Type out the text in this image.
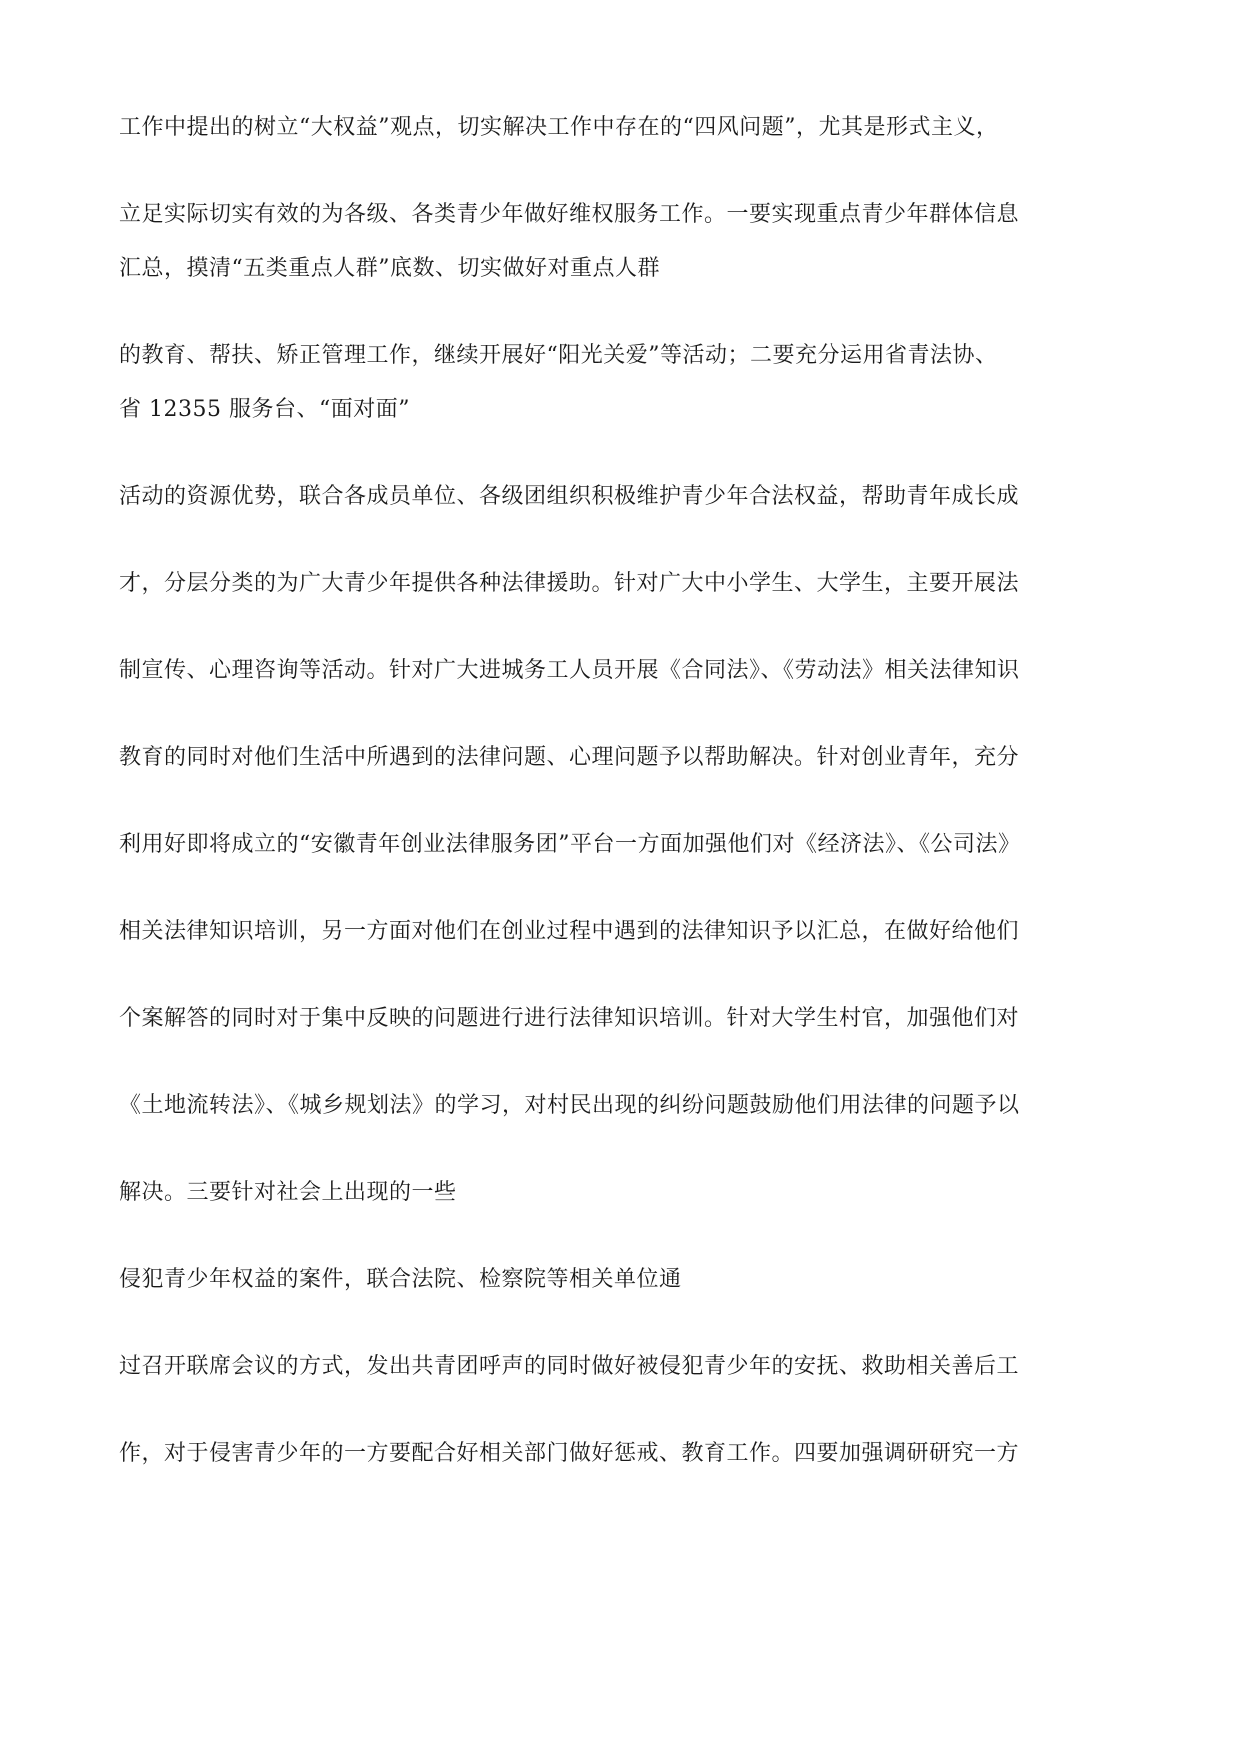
工作中提出的树立“大权益”观点，切实解决工作中存在的“四风问题”，尤其是形式主义，
立足实际切实有效的为各级、各类青少年做好维权服务工作。一要实现重点青少年群体信息
汇总，摸清“五类重点人群”底数、切实做好对重点人群
的教育、帮扶、矫正管理工作，继续开展好“阳光关爱”等活动；二要充分运用省青法协、
省 12355 服务台、“面对面”
活动的资源优势，联合各成员单位、各级团组织积极维护青少年合法权益，帮助青年成长成
才，分层分类的为广大青少年提供各种法律援助。针对广大中小学生、大学生，主要开展法
制宣传、心理咨询等活动。针对广大进城务工人员开展《合同法》、《劳动法》相关法律知识
教育的同时对他们生活中所遇到的法律问题、心理问题予以帮助解决。针对创业青年，充分
利用好即将成立的“安徽青年创业法律服务团”平台一方面加强他们对《经济法》、《公司法》
相关法律知识培训，另一方面对他们在创业过程中遇到的法律知识予以汇总，在做好给他们
个案解答的同时对于集中反映的问题进行进行法律知识培训。针对大学生村官，加强他们对
《土地流转法》、《城乡规划法》的学习，对村民出现的纠纷问题鼓励他们用法律的问题予以
解决。三要针对社会上出现的一些
侵犯青少年权益的案件，联合法院、检察院等相关单位通
过召开联席会议的方式，发出共青团呼声的同时做好被侵犯青少年的安抚、救助相关善后工
作，对于侵害青少年的一方要配合好相关部门做好惩戒、教育工作。四要加强调研研究一方
